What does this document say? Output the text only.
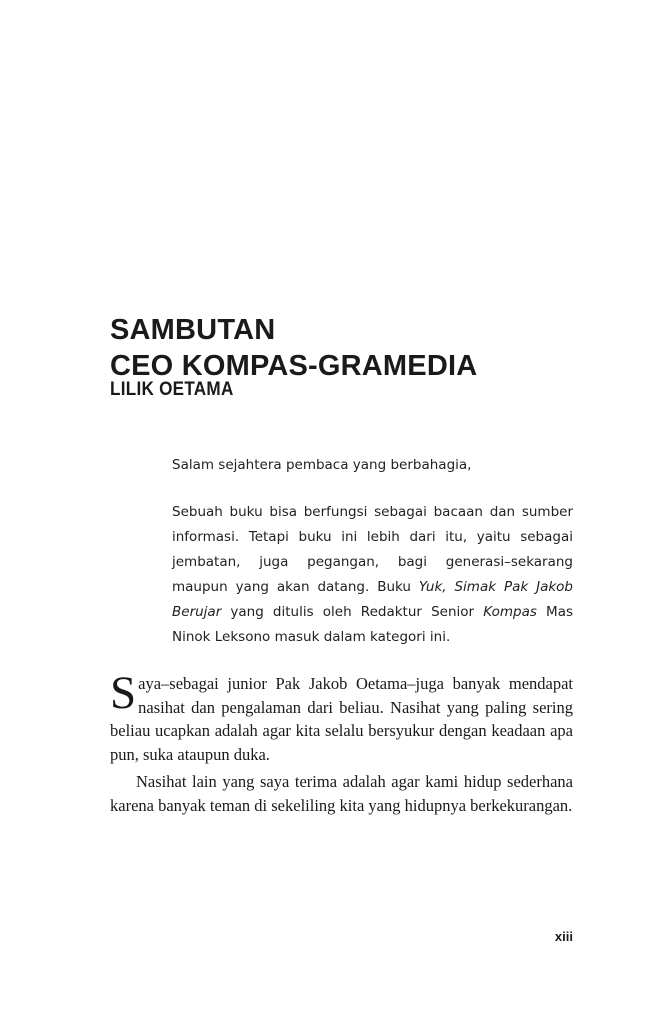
SAMBUTAN
CEO KOMPAS-GRAMEDIA
LILIK OETAMA

Salam sejahtera pembaca yang berbahagia,

Sebuah buku bisa berfungsi sebagai bacaan dan sumber informasi. Tetapi buku ini lebih dari itu, yaitu sebagai jembatan, juga pegangan, bagi generasi–sekarang maupun yang akan datang. Buku Yuk, Simak Pak Jakob Berujar yang ditulis oleh Redaktur Senior Kompas Mas Ninok Leksono masuk dalam kategori ini.

Saya–sebagai junior Pak Jakob Oetama–juga banyak mendapat nasihat dan pengalaman dari beliau. Nasihat yang paling sering beliau ucapkan adalah agar kita selalu bersyukur dengan keadaan apa pun, suka ataupun duka.

Nasihat lain yang saya terima adalah agar kami hidup sederhana karena banyak teman di sekeliling kita yang hidupnya berkekurangan.

xiii
